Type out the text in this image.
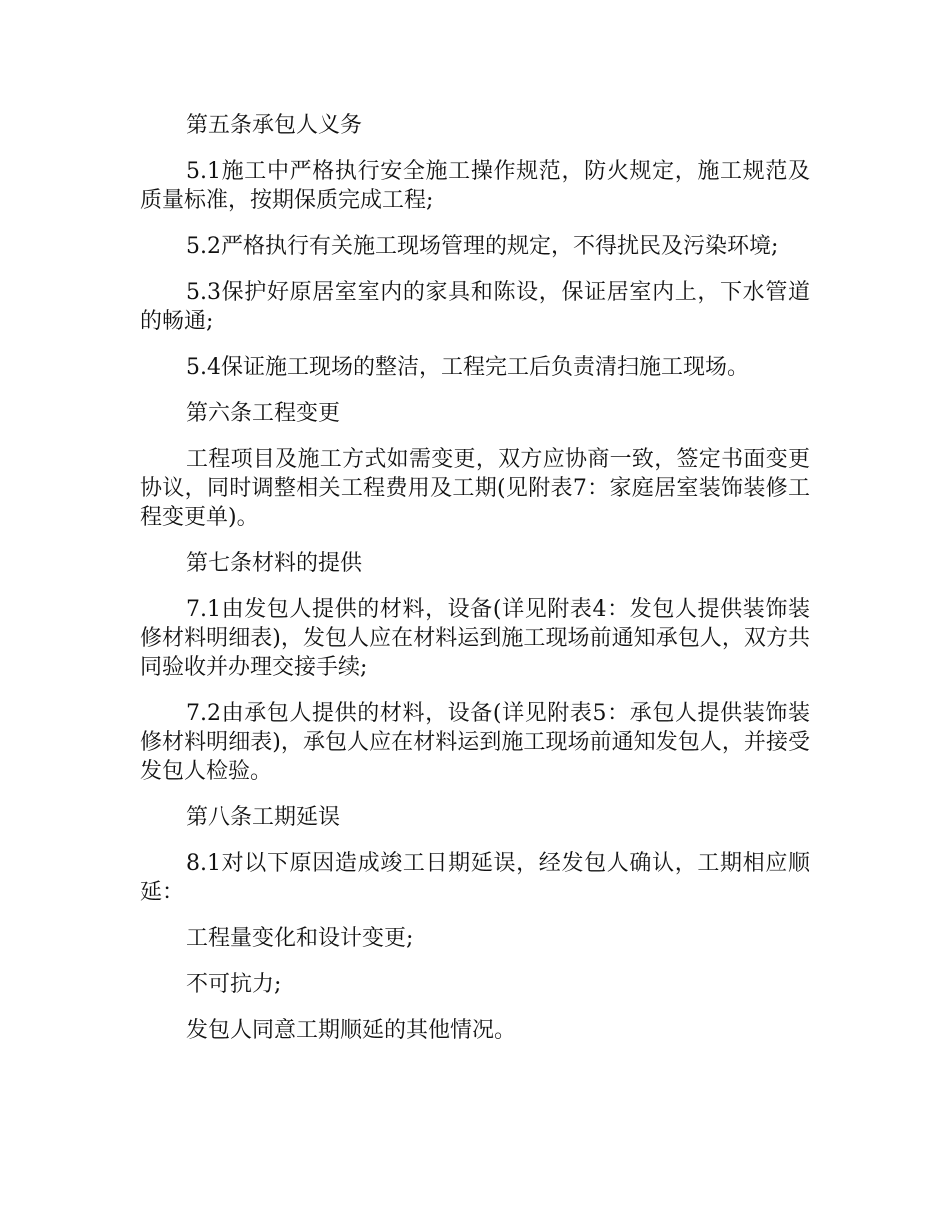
第五条承包人义务

5.1施工中严格执行安全施工操作规范，防火规定，施工规范及质量标准，按期保质完成工程;

5.2严格执行有关施工现场管理的规定，不得扰民及污染环境;

5.3保护好原居室室内的家具和陈设，保证居室内上，下水管道的畅通;

5.4保证施工现场的整洁，工程完工后负责清扫施工现场。

第六条工程变更

工程项目及施工方式如需变更，双方应协商一致，签定书面变更协议，同时调整相关工程费用及工期(见附表7：家庭居室装饰装修工程变更单)。

第七条材料的提供

7.1由发包人提供的材料，设备(详见附表4：发包人提供装饰装修材料明细表)，发包人应在材料运到施工现场前通知承包人，双方共同验收并办理交接手续;

7.2由承包人提供的材料，设备(详见附表5：承包人提供装饰装修材料明细表)，承包人应在材料运到施工现场前通知发包人，并接受发包人检验。

第八条工期延误

8.1对以下原因造成竣工日期延误，经发包人确认，工期相应顺延：

工程量变化和设计变更;

不可抗力;

发包人同意工期顺延的其他情况。
